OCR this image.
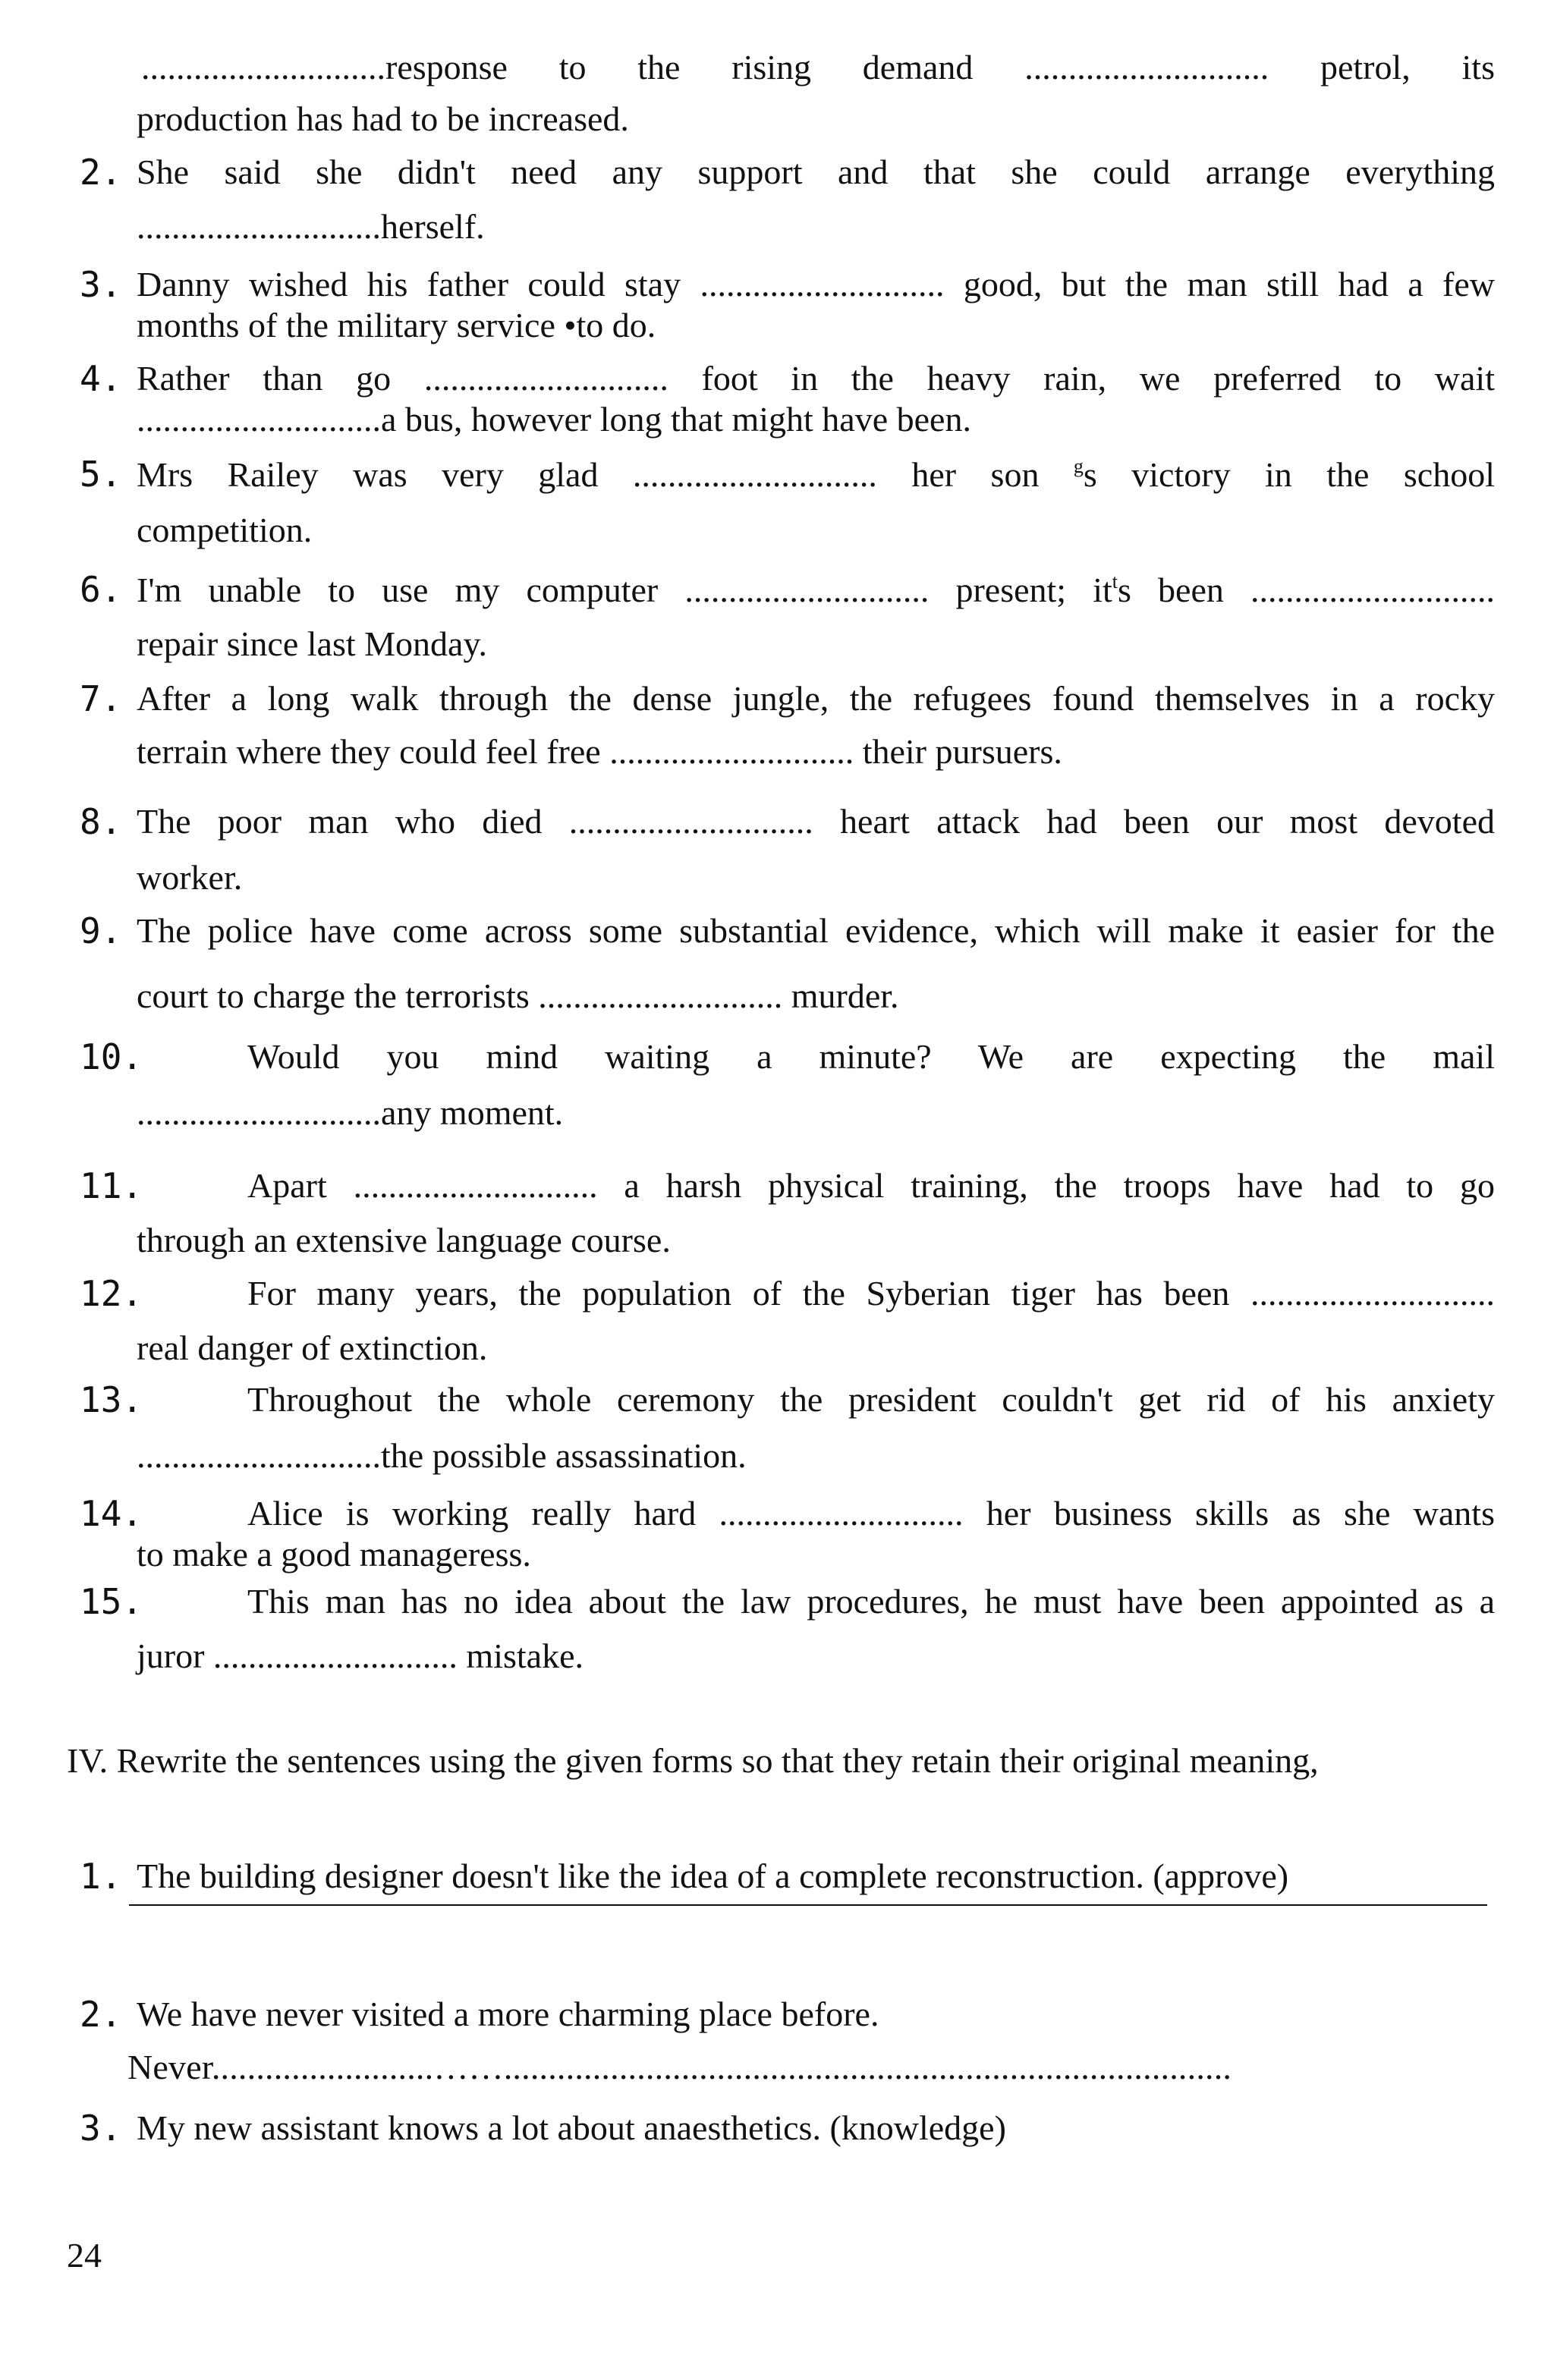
............................response to the rising demand ............................ petrol, its
production has had to be increased.
2. She said she didn't need any support and that she could arrange everything
............................herself.
3. Danny wished his father could stay ............................ good, but the man still had a few
months of the military service •to do.
4. Rather than go ............................ foot in the heavy rain, we preferred to wait
............................a bus, however long that might have been.
5. Mrs Railey was very glad ............................ her son $^g$s victory in the school
competition.
6. I'm unable to use my computer ............................ present; $it^ts$ been ............................
repair since last Monday.
7. After a long walk through the dense jungle, the refugees found themselves in a rocky
terrain where they could feel free ............................ their pursuers.
8. The poor man who died ............................ heart attack had been our most devoted
worker.
9. The police have come across some substantial evidence, which will make it easier for the
court to charge the terrorists ............................ murder.
10.	Would you mind waiting a minute? We are expecting the mail
............................any moment.
11.	Apart ............................ a harsh physical training, the troops have had to go
through an extensive language course.
12.	For many years, the population of the Syberian tiger has been ............................
real danger of extinction.
13.	Throughout the whole ceremony the president couldn't get rid of his anxiety
............................the possible assassination.
14.	Alice is working really hard ............................ her business skills as she wants
to make a good manageress.
15.	This man has no idea about the law procedures, he must have been appointed as a
juror ............................ mistake.
IV. Rewrite the sentences using the given forms so that they retain their original meaning,
1. The building designer doesn't like the idea of a complete reconstruction. (approve)
2. We have never visited a more charming place before.
Never.........................……..................................................................................
3. My new assistant knows a lot about anaesthetics. (knowledge)
24
